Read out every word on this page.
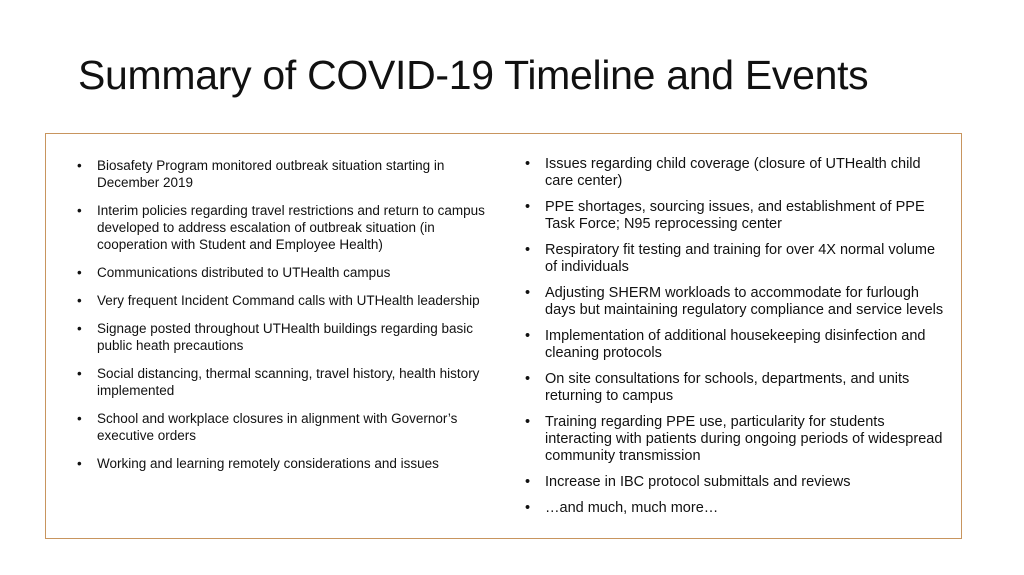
Summary of COVID-19 Timeline and Events
• Biosafety Program monitored outbreak situation starting in December 2019
• Interim policies regarding travel restrictions and return to campus developed to address escalation of outbreak situation (in cooperation with Student and Employee Health)
• Communications distributed to UTHealth campus
• Very frequent Incident Command calls with UTHealth leadership
• Signage posted throughout UTHealth buildings regarding basic public heath precautions
• Social distancing, thermal scanning, travel history, health history implemented
• School and workplace closures in alignment with Governor’s executive orders
• Working and learning remotely considerations and issues
• Issues regarding child coverage (closure of UTHealth child care center)
• PPE shortages, sourcing issues, and establishment of PPE Task Force; N95 reprocessing center
• Respiratory fit testing and training for over 4X normal volume of individuals
• Adjusting SHERM workloads to accommodate for furlough days but maintaining regulatory compliance and service levels
• Implementation of additional housekeeping disinfection and cleaning protocols
• On site consultations for schools, departments, and units returning to campus
• Training regarding PPE use, particularity for students interacting with patients during ongoing periods of widespread community transmission
• Increase in IBC protocol submittals and reviews
• …and much, much more…
